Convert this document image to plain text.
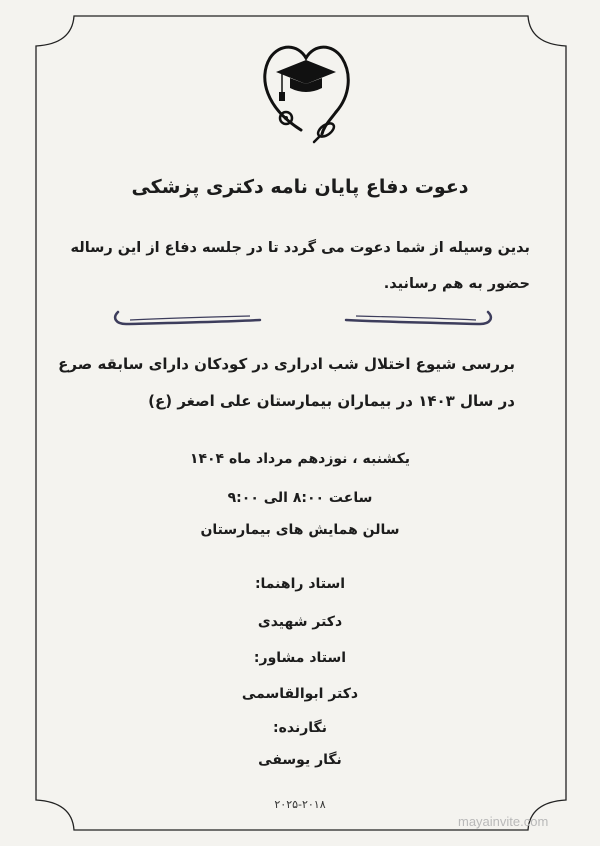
دعوت دفاع پایان نامه دکتری پزشکی
بدین وسیله از شما دعوت می گردد تا در جلسه دفاع از این رساله
حضور به هم رسانید.
بررسی شیوع اختلال شب ادراری در کودکان دارای سابقه صرع
در سال ۱۴۰۳ در بیماران بیمارستان علی اصغر (ع)
یکشنبه ، نوزدهم مرداد ماه ۱۴۰۴
ساعت ۸:۰۰ الی ۹:۰۰
سالن همایش های بیمارستان
استاد راهنما:
دکتر شهیدی
استاد مشاور:
دکتر ابوالقاسمی
نگارنده:
نگار یوسفی
۲۰۲۵-۲۰۱۸
mayainvite.com
